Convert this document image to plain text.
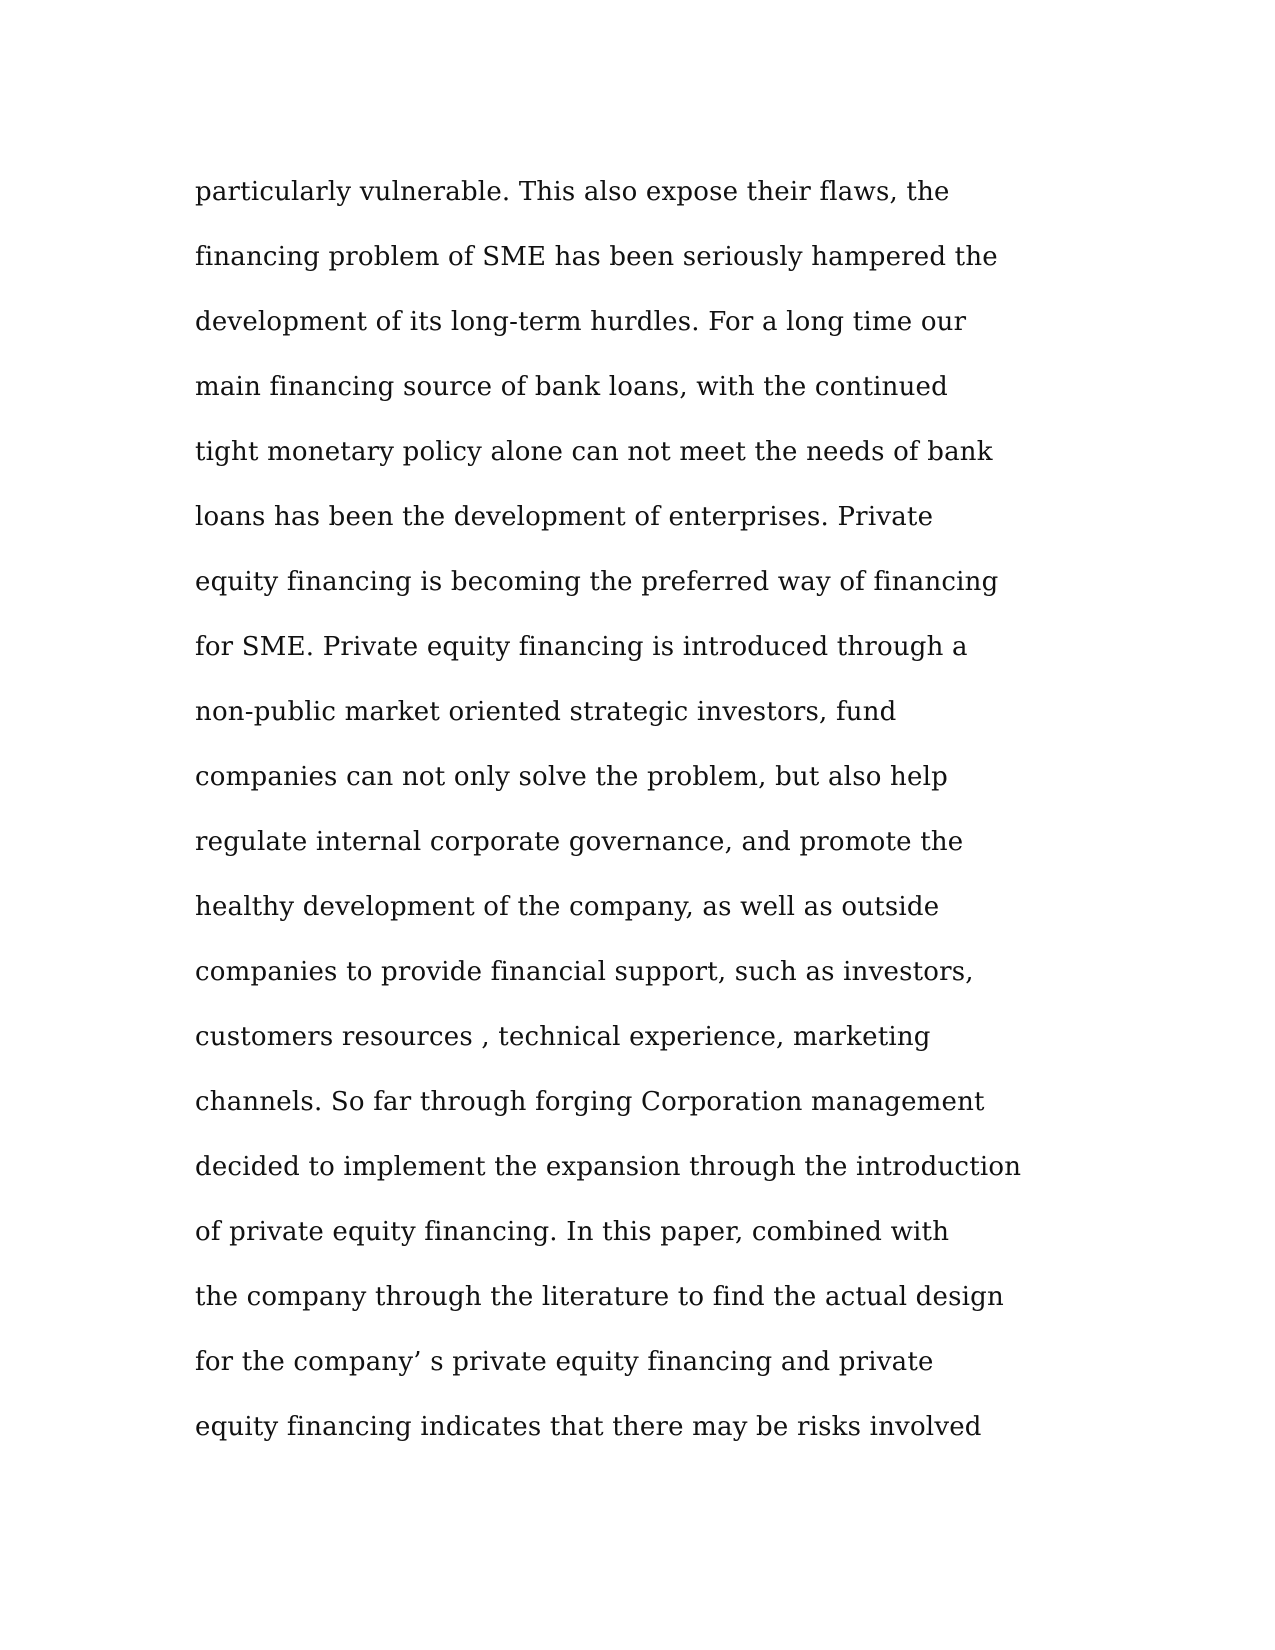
particularly vulnerable. This also expose their flaws, the
financing problem of SME has been seriously hampered the
development of its long-term hurdles. For a long time our
main financing source of bank loans, with the continued
tight monetary policy alone can not meet the needs of bank
loans has been the development of enterprises. Private
equity financing is becoming the preferred way of financing
for SME. Private equity financing is introduced through a
non-public market oriented strategic investors, fund
companies can not only solve the problem, but also help
regulate internal corporate governance, and promote the
healthy development of the company, as well as outside
companies to provide financial support, such as investors,
customers resources , technical experience, marketing
channels. So far through forging Corporation management
decided to implement the expansion through the introduction
of private equity financing. In this paper, combined with
the company through the literature to find the actual design
for the company’ s private equity financing and private
equity financing indicates that there may be risks involved
